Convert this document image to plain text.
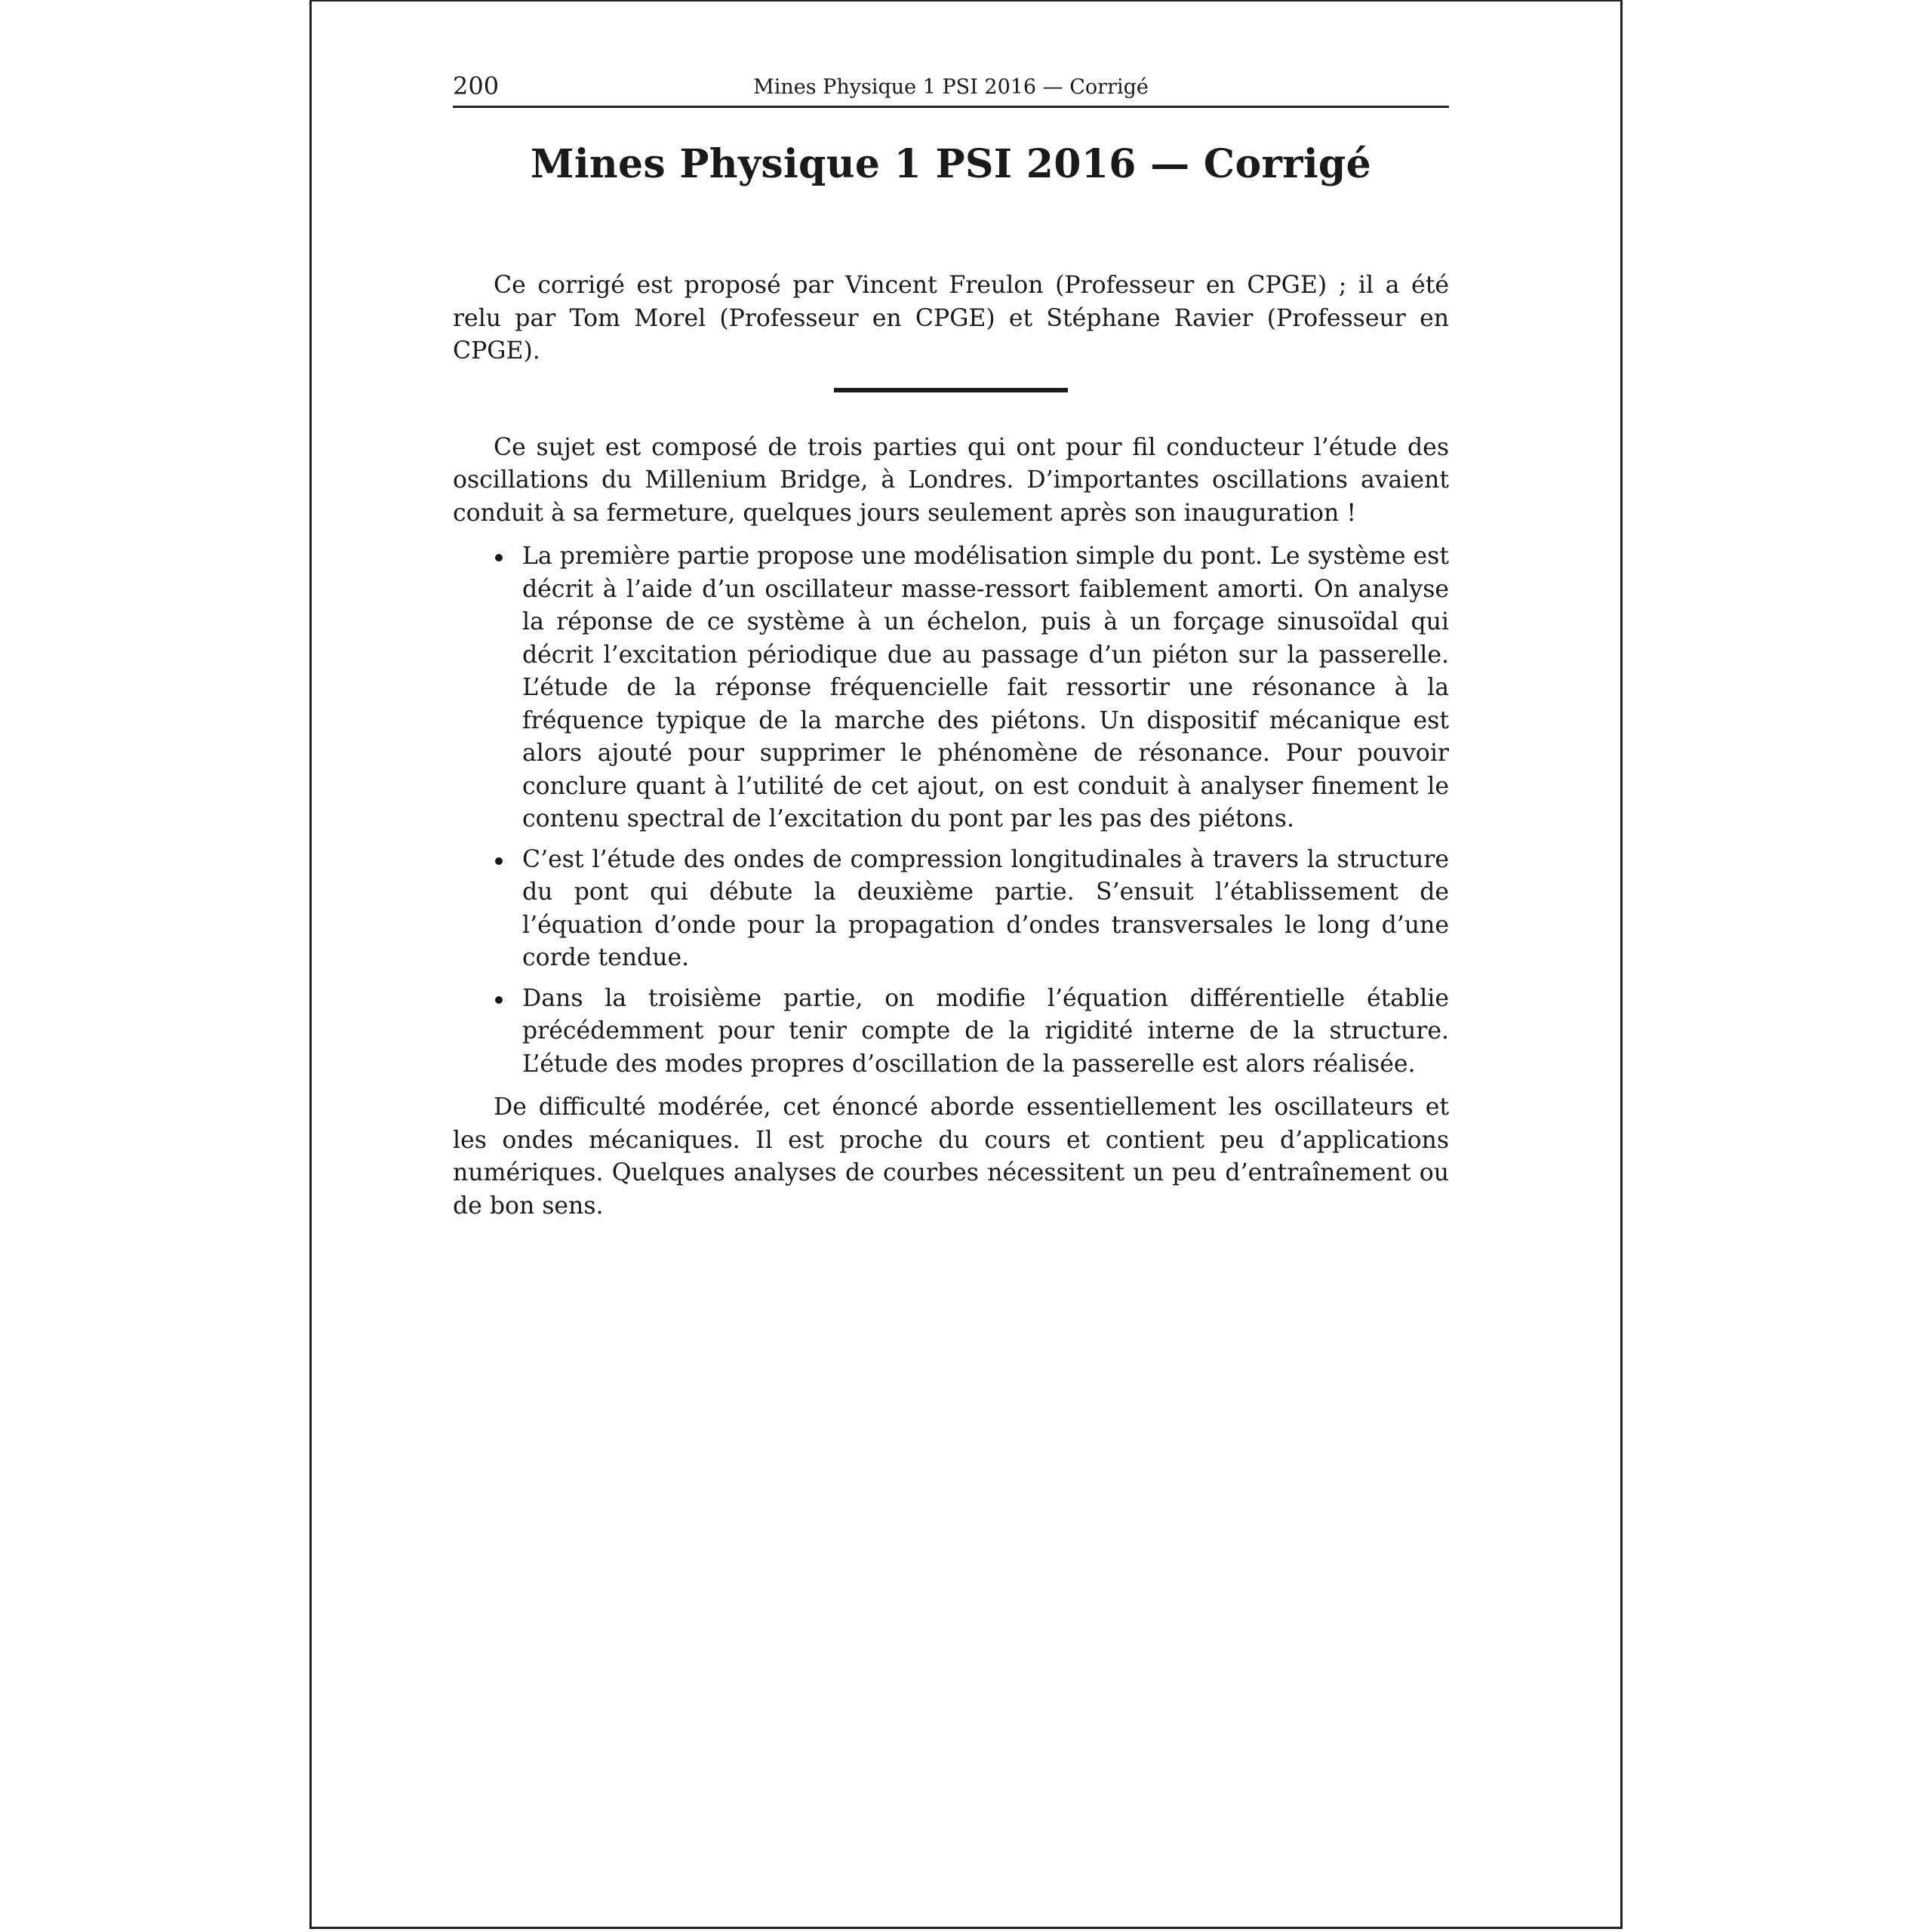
200	Mines Physique 1 PSI 2016 — Corrigé
Mines Physique 1 PSI 2016 — Corrigé

Ce corrigé est proposé par Vincent Freulon (Professeur en CPGE) ; il a été relu par Tom Morel (Professeur en CPGE) et Stéphane Ravier (Professeur en CPGE).

Ce sujet est composé de trois parties qui ont pour fil conducteur l’étude des oscillations du Millenium Bridge, à Londres. D’importantes oscillations avaient conduit à sa fermeture, quelques jours seulement après son inauguration !

La première partie propose une modélisation simple du pont. Le système est décrit à l’aide d’un oscillateur masse-ressort faiblement amorti. On analyse la réponse de ce système à un échelon, puis à un forçage sinusoïdal qui décrit l’excitation périodique due au passage d’un piéton sur la passerelle. L’étude de la réponse fréquencielle fait ressortir une résonance à la fréquence typique de la marche des piétons. Un dispositif mécanique est alors ajouté pour supprimer le phénomène de résonance. Pour pouvoir conclure quant à l’utilité de cet ajout, on est conduit à analyser finement le contenu spectral de l’excitation du pont par les pas des piétons.
C’est l’étude des ondes de compression longitudinales à travers la structure du pont qui débute la deuxième partie. S’ensuit l’établissement de l’équation d’onde pour la propagation d’ondes transversales le long d’une corde tendue.
Dans la troisième partie, on modifie l’équation différentielle établie précédemment pour tenir compte de la rigidité interne de la structure. L’étude des modes propres d’oscillation de la passerelle est alors réalisée.

De difficulté modérée, cet énoncé aborde essentiellement les oscillateurs et les ondes mécaniques. Il est proche du cours et contient peu d’applications numériques. Quelques analyses de courbes nécessitent un peu d’entraînement ou de bon sens.
